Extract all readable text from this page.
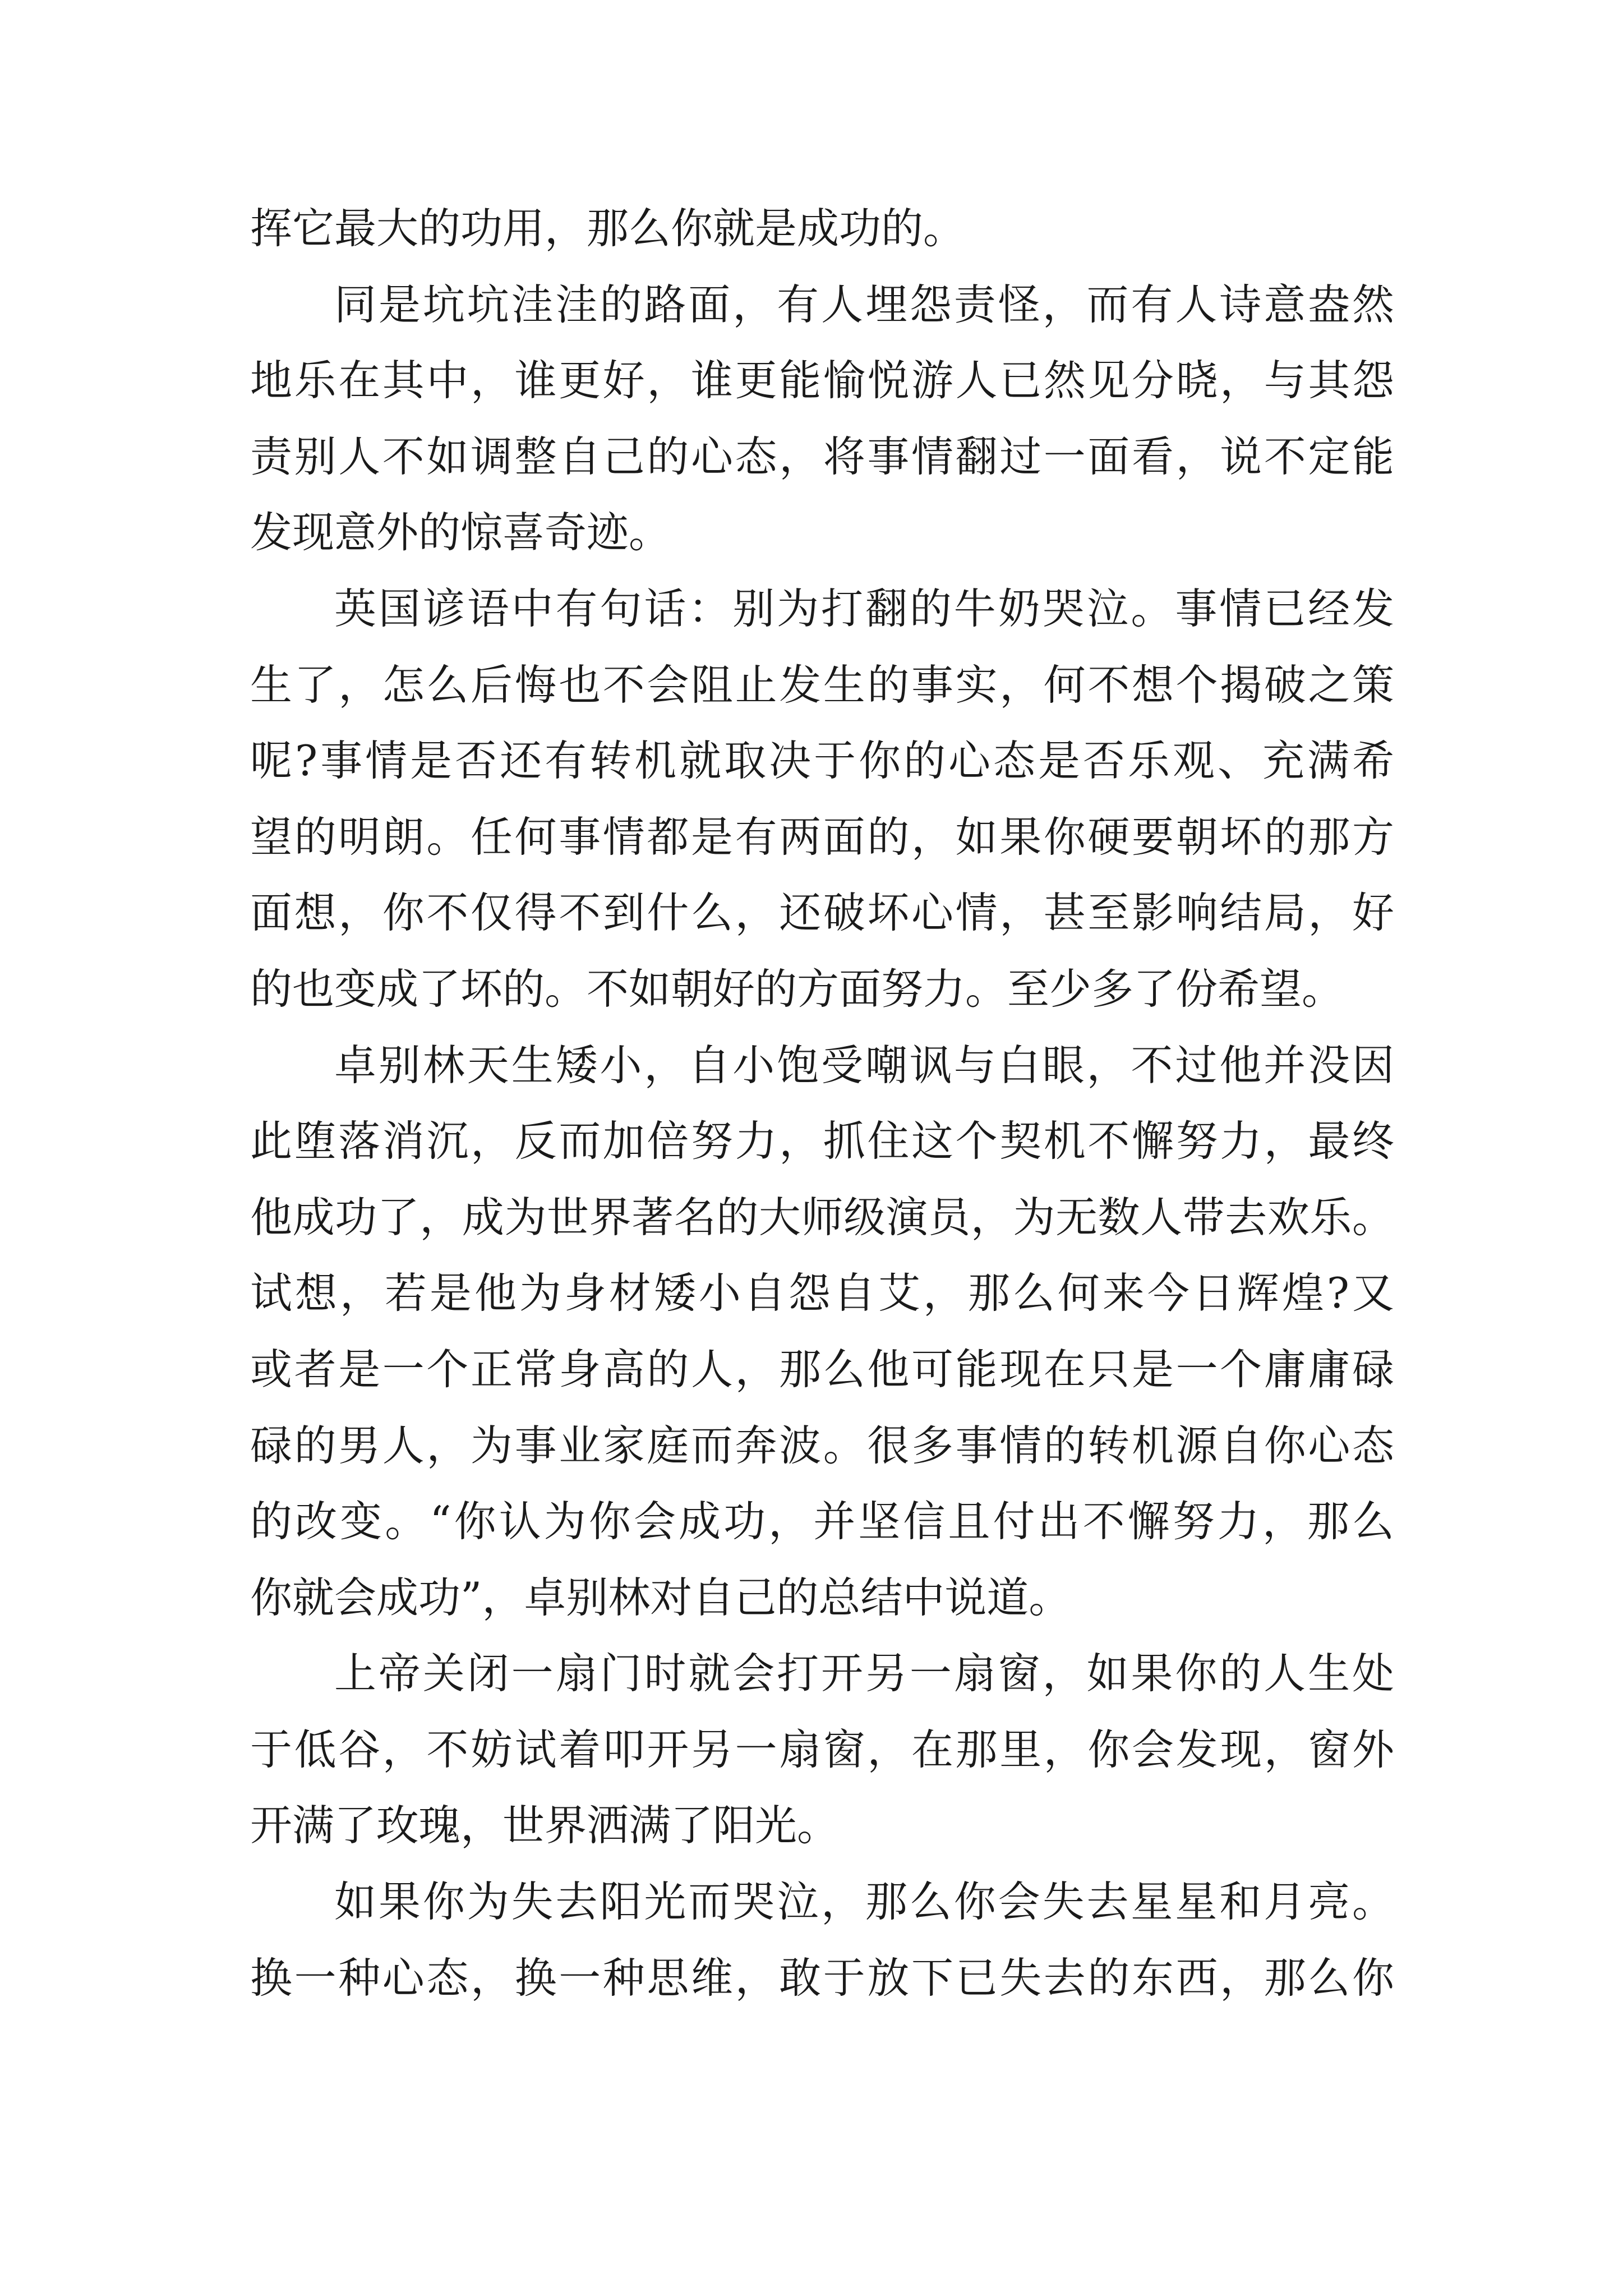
挥它最大的功用，那么你就是成功的。
同是坑坑洼洼的路面，有人埋怨责怪，而有人诗意盎然
地乐在其中，谁更好，谁更能愉悦游人已然见分晓，与其怨
责别人不如调整自己的心态，将事情翻过一面看，说不定能
发现意外的惊喜奇迹。
英国谚语中有句话：别为打翻的牛奶哭泣。事情已经发
生了，怎么后悔也不会阻止发生的事实，何不想个揭破之策
呢?事情是否还有转机就取决于你的心态是否乐观、充满希
望的明朗。任何事情都是有两面的，如果你硬要朝坏的那方
面想，你不仅得不到什么，还破坏心情，甚至影响结局，好
的也变成了坏的。不如朝好的方面努力。至少多了份希望。
卓别林天生矮小，自小饱受嘲讽与白眼，不过他并没因
此堕落消沉，反而加倍努力，抓住这个契机不懈努力，最终
他成功了，成为世界著名的大师级演员，为无数人带去欢乐。
试想，若是他为身材矮小自怨自艾，那么何来今日辉煌?又
或者是一个正常身高的人，那么他可能现在只是一个庸庸碌
碌的男人，为事业家庭而奔波。很多事情的转机源自你心态
的改变。“你认为你会成功，并坚信且付出不懈努力，那么
你就会成功”，卓别林对自己的总结中说道。
上帝关闭一扇门时就会打开另一扇窗，如果你的人生处
于低谷，不妨试着叩开另一扇窗，在那里，你会发现，窗外
开满了玫瑰，世界洒满了阳光。
如果你为失去阳光而哭泣，那么你会失去星星和月亮。
换一种心态，换一种思维，敢于放下已失去的东西，那么你
